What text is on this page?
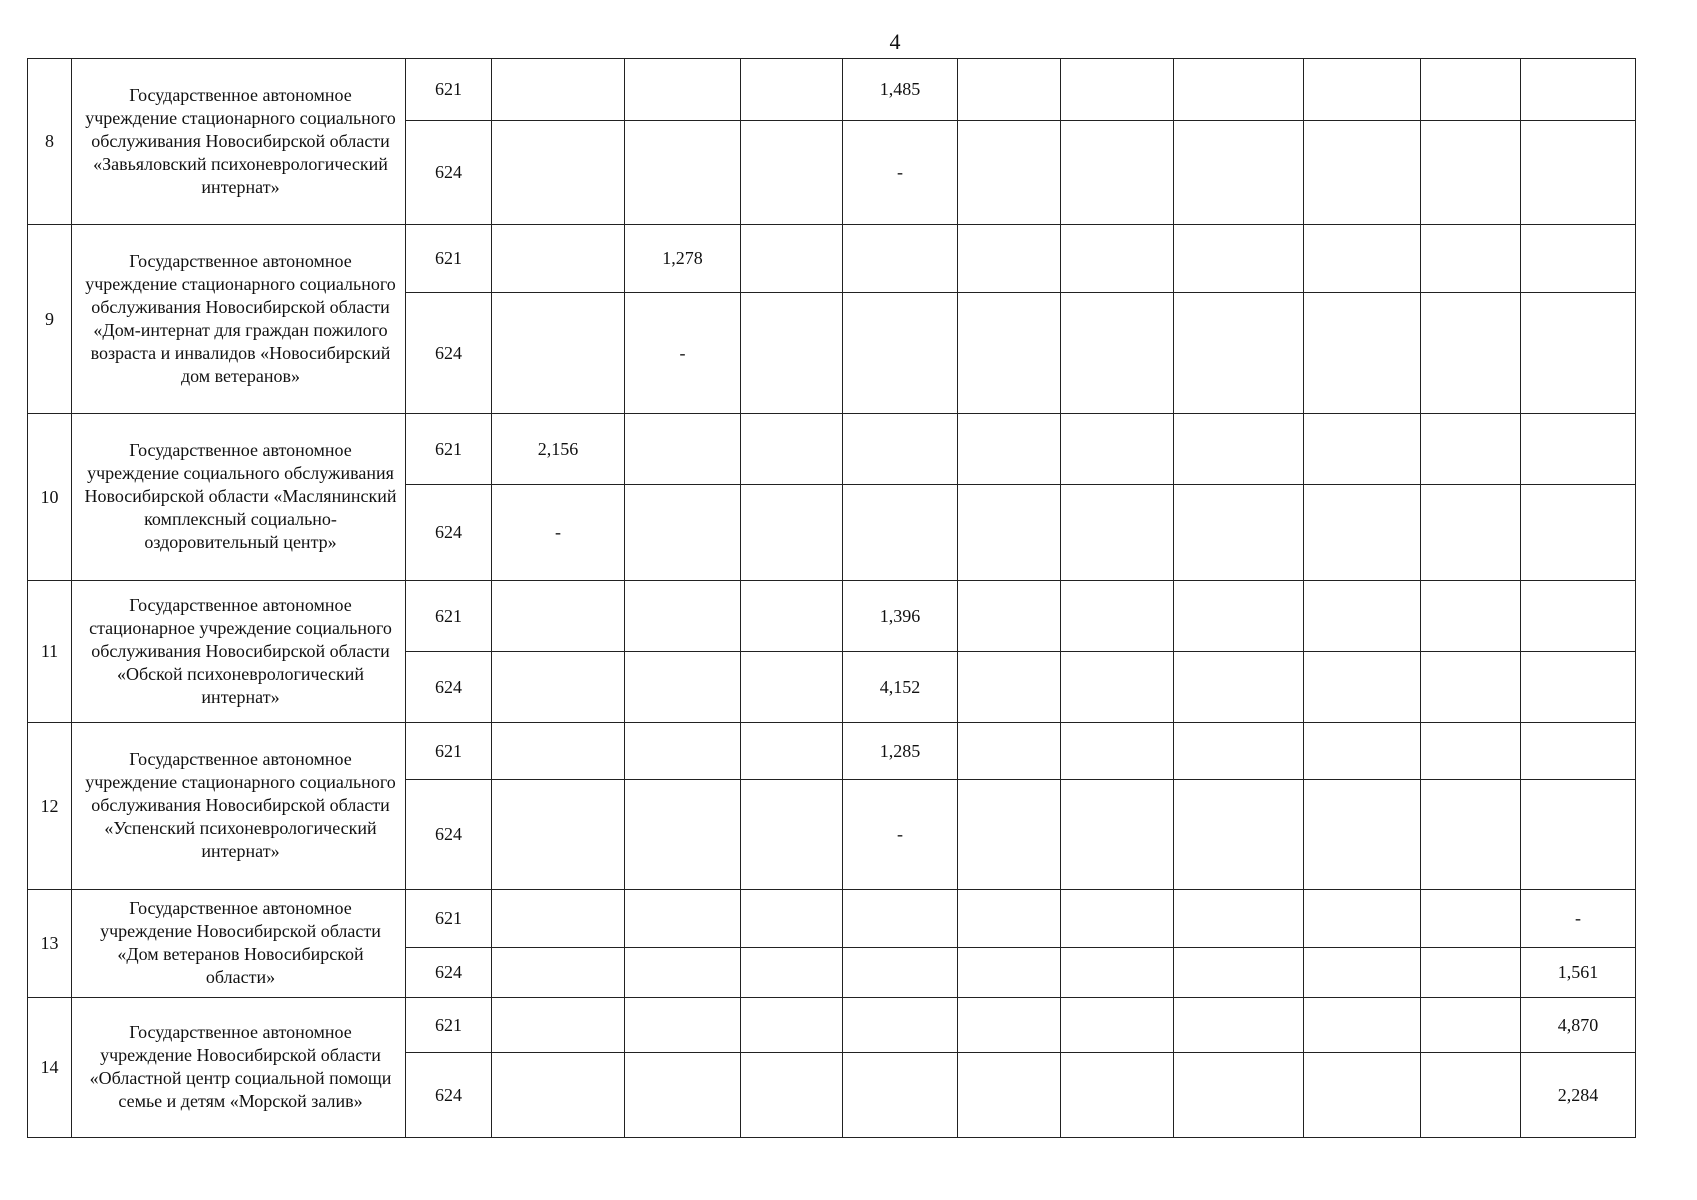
4
8	Государственное автономное учреждение стационарного социального обслуживания Новосибирской области «Завьяловский психоневрологический интернат»	621				1,485						
		624				-						
9	Государственное автономное учреждение стационарного социального обслуживания Новосибирской области «Дом-интернат для граждан пожилого возраста и инвалидов «Новосибирский дом ветеранов»	621		1,278								
		624		-								
10	Государственное автономное учреждение социального обслуживания Новосибирской области «Маслянинский комплексный социально-оздоровительный центр»	621	2,156									
		624	-									
11	Государственное автономное стационарное учреждение социального обслуживания Новосибирской области «Обской психоневрологический интернат»	621				1,396						
		624				4,152						
12	Государственное автономное учреждение стационарного социального обслуживания Новосибирской области «Успенский психоневрологический интернат»	621				1,285						
		624				-						
13	Государственное автономное учреждение Новосибирской области «Дом ветеранов Новосибирской области»	621										-
		624										1,561
14	Государственное автономное учреждение Новосибирской области «Областной центр социальной помощи семье и детям «Морской залив»	621										4,870
		624										2,284
